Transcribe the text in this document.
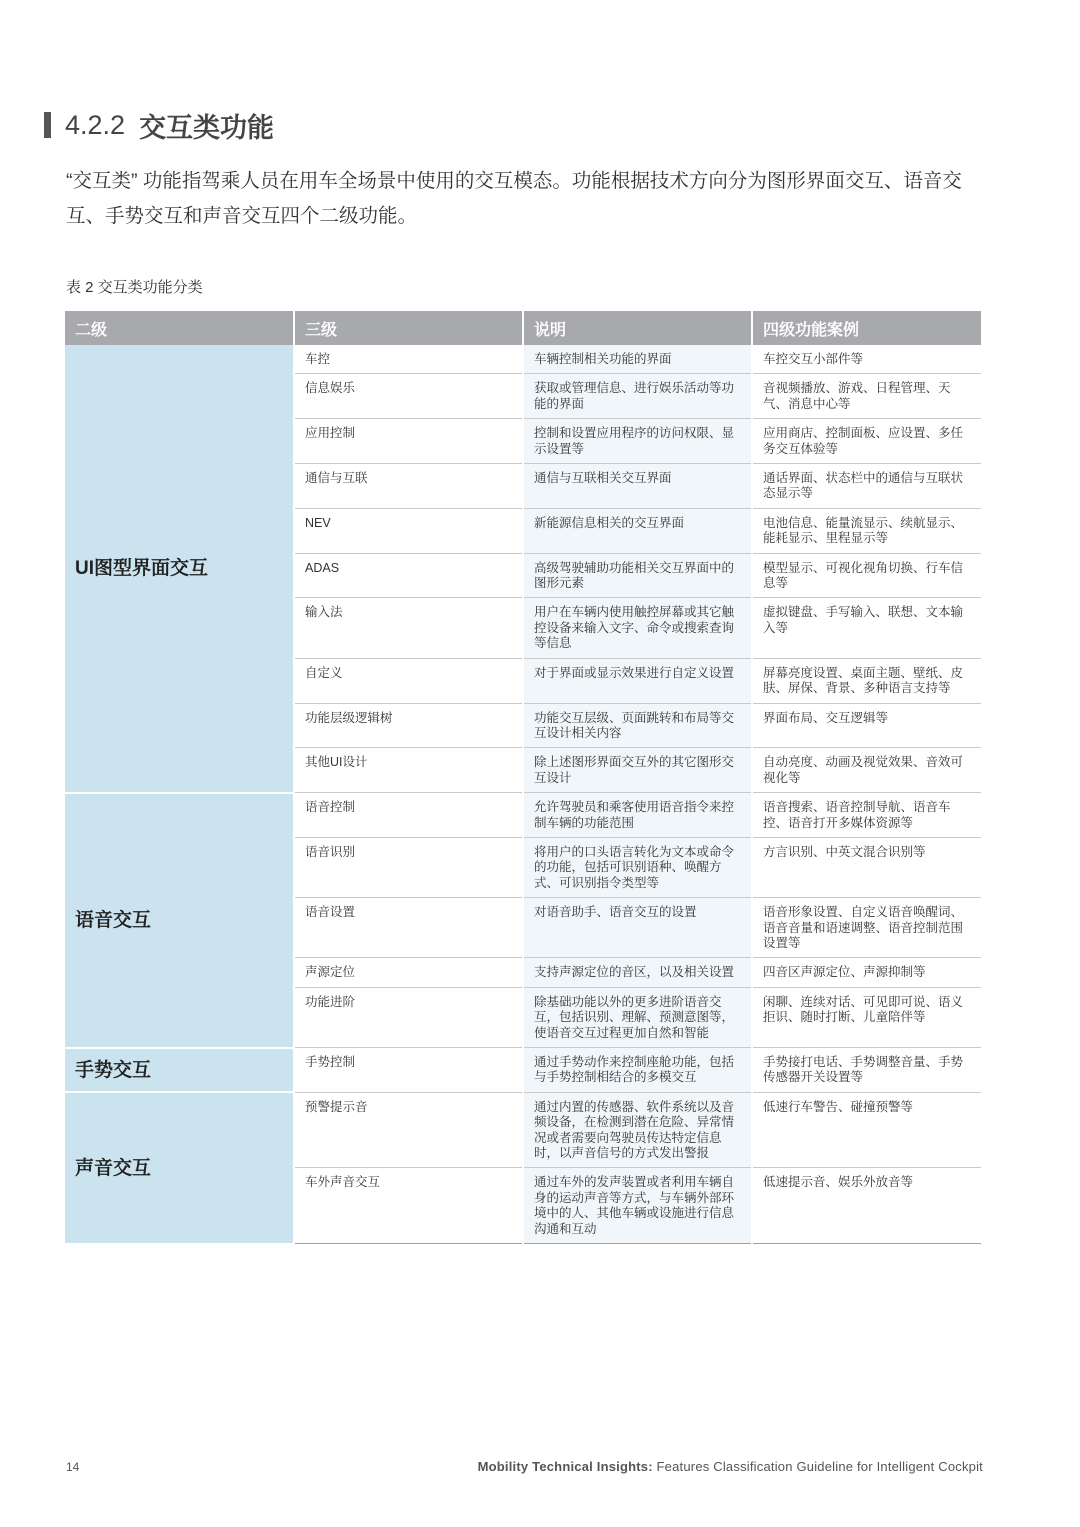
4.2.2 交互类功能
“交互类” 功能指驾乘人员在用车全场景中使用的交互模态。功能根据技术方向分为图形界面交互、语音交互、手势交互和声音交互四个二级功能。
表 2 交互类功能分类
二级	三级	说明	四级功能案例
UI图型界面交互	车控	车辆控制相关功能的界面	车控交互小部件等
	信息娱乐	获取或管理信息、进行娱乐活动等功能的界面	音视频播放、游戏、日程管理、天气、消息中心等
	应用控制	控制和设置应用程序的访问权限、显示设置等	应用商店、控制面板、应设置、多任务交互体验等
	通信与互联	通信与互联相关交互界面	通话界面、状态栏中的通信与互联状态显示等
	NEV	新能源信息相关的交互界面	电池信息、能量流显示、续航显示、能耗显示、里程显示等
	ADAS	高级驾驶辅助功能相关交互界面中的图形元素	模型显示、可视化视角切换、行车信息等
	输入法	用户在车辆内使用触控屏幕或其它触控设备来输入文字、命令或搜索查询等信息	虚拟键盘、手写输入、联想、文本输入等
	自定义	对于界面或显示效果进行自定义设置	屏幕亮度设置、桌面主题、壁纸、皮肤、屏保、背景、多种语言支持等
	功能层级逻辑树	功能交互层级、页面跳转和布局等交互设计相关内容	界面布局、交互逻辑等
	其他UI设计	除上述图形界面交互外的其它图形交互设计	自动亮度、动画及视觉效果、音效可视化等
语音交互	语音控制	允许驾驶员和乘客使用语音指令来控制车辆的功能范围	语音搜索、语音控制导航、语音车控、语音打开多媒体资源等
	语音识别	将用户的口头语言转化为文本或命令的功能，包括可识别语种、唤醒方式、可识别指令类型等	方言识别、中英文混合识别等
	语音设置	对语音助手、语音交互的设置	语音形象设置、自定义语音唤醒词、语音音量和语速调整、语音控制范围设置等
	声源定位	支持声源定位的音区，以及相关设置	四音区声源定位、声源抑制等
	功能进阶	除基础功能以外的更多进阶语音交互，包括识别、理解、预测意图等，使语音交互过程更加自然和智能	闲聊、连续对话、可见即可说、语义拒识、随时打断、儿童陪伴等
手势交互	手势控制	通过手势动作来控制座舱功能，包括与手势控制相结合的多模交互	手势接打电话、手势调整音量、手势传感器开关设置等
声音交互	预警提示音	通过内置的传感器、软件系统以及音频设备，在检测到潜在危险、异常情况或者需要向驾驶员传达特定信息时，以声音信号的方式发出警报	低速行车警告、碰撞预警等
	车外声音交互	通过车外的发声装置或者利用车辆自身的运动声音等方式，与车辆外部环境中的人、其他车辆或设施进行信息沟通和互动	低速提示音、娱乐外放音等
14	Mobility Technical Insights: Features Classification Guideline for Intelligent Cockpit
